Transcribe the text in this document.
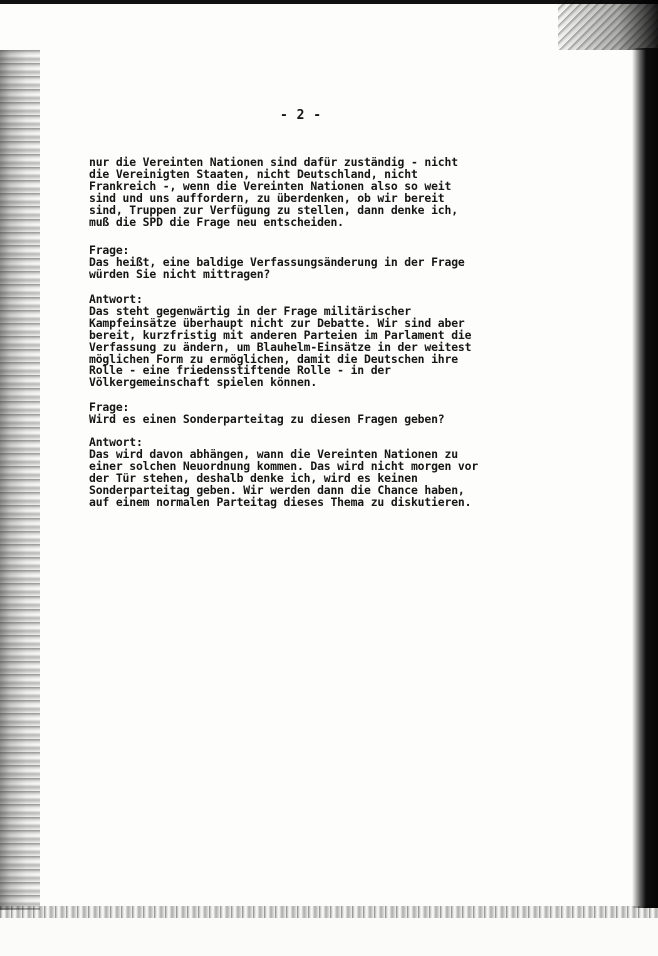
- 2 -
nur die Vereinten Nationen sind dafür zuständig - nicht
die Vereinigten Staaten, nicht Deutschland, nicht
Frankreich -, wenn die Vereinten Nationen also so weit
sind und uns auffordern, zu überdenken, ob wir bereit
sind, Truppen zur Verfügung zu stellen, dann denke ich,
muß die SPD die Frage neu entscheiden.
Frage:
Das heißt, eine baldige Verfassungsänderung in der Frage
würden Sie nicht mittragen?
Antwort:
Das steht gegenwärtig in der Frage militärischer
Kampfeinsätze überhaupt nicht zur Debatte. Wir sind aber
bereit, kurzfristig mit anderen Parteien im Parlament die
Verfassung zu ändern, um Blauhelm-Einsätze in der weitest
möglichen Form zu ermöglichen, damit die Deutschen ihre
Rolle - eine friedensstiftende Rolle - in der
Völkergemeinschaft spielen können.
Frage:
Wird es einen Sonderparteitag zu diesen Fragen geben?
Antwort:
Das wird davon abhängen, wann die Vereinten Nationen zu
einer solchen Neuordnung kommen. Das wird nicht morgen vor
der Tür stehen, deshalb denke ich, wird es keinen
Sonderparteitag geben. Wir werden dann die Chance haben,
auf einem normalen Parteitag dieses Thema zu diskutieren.
